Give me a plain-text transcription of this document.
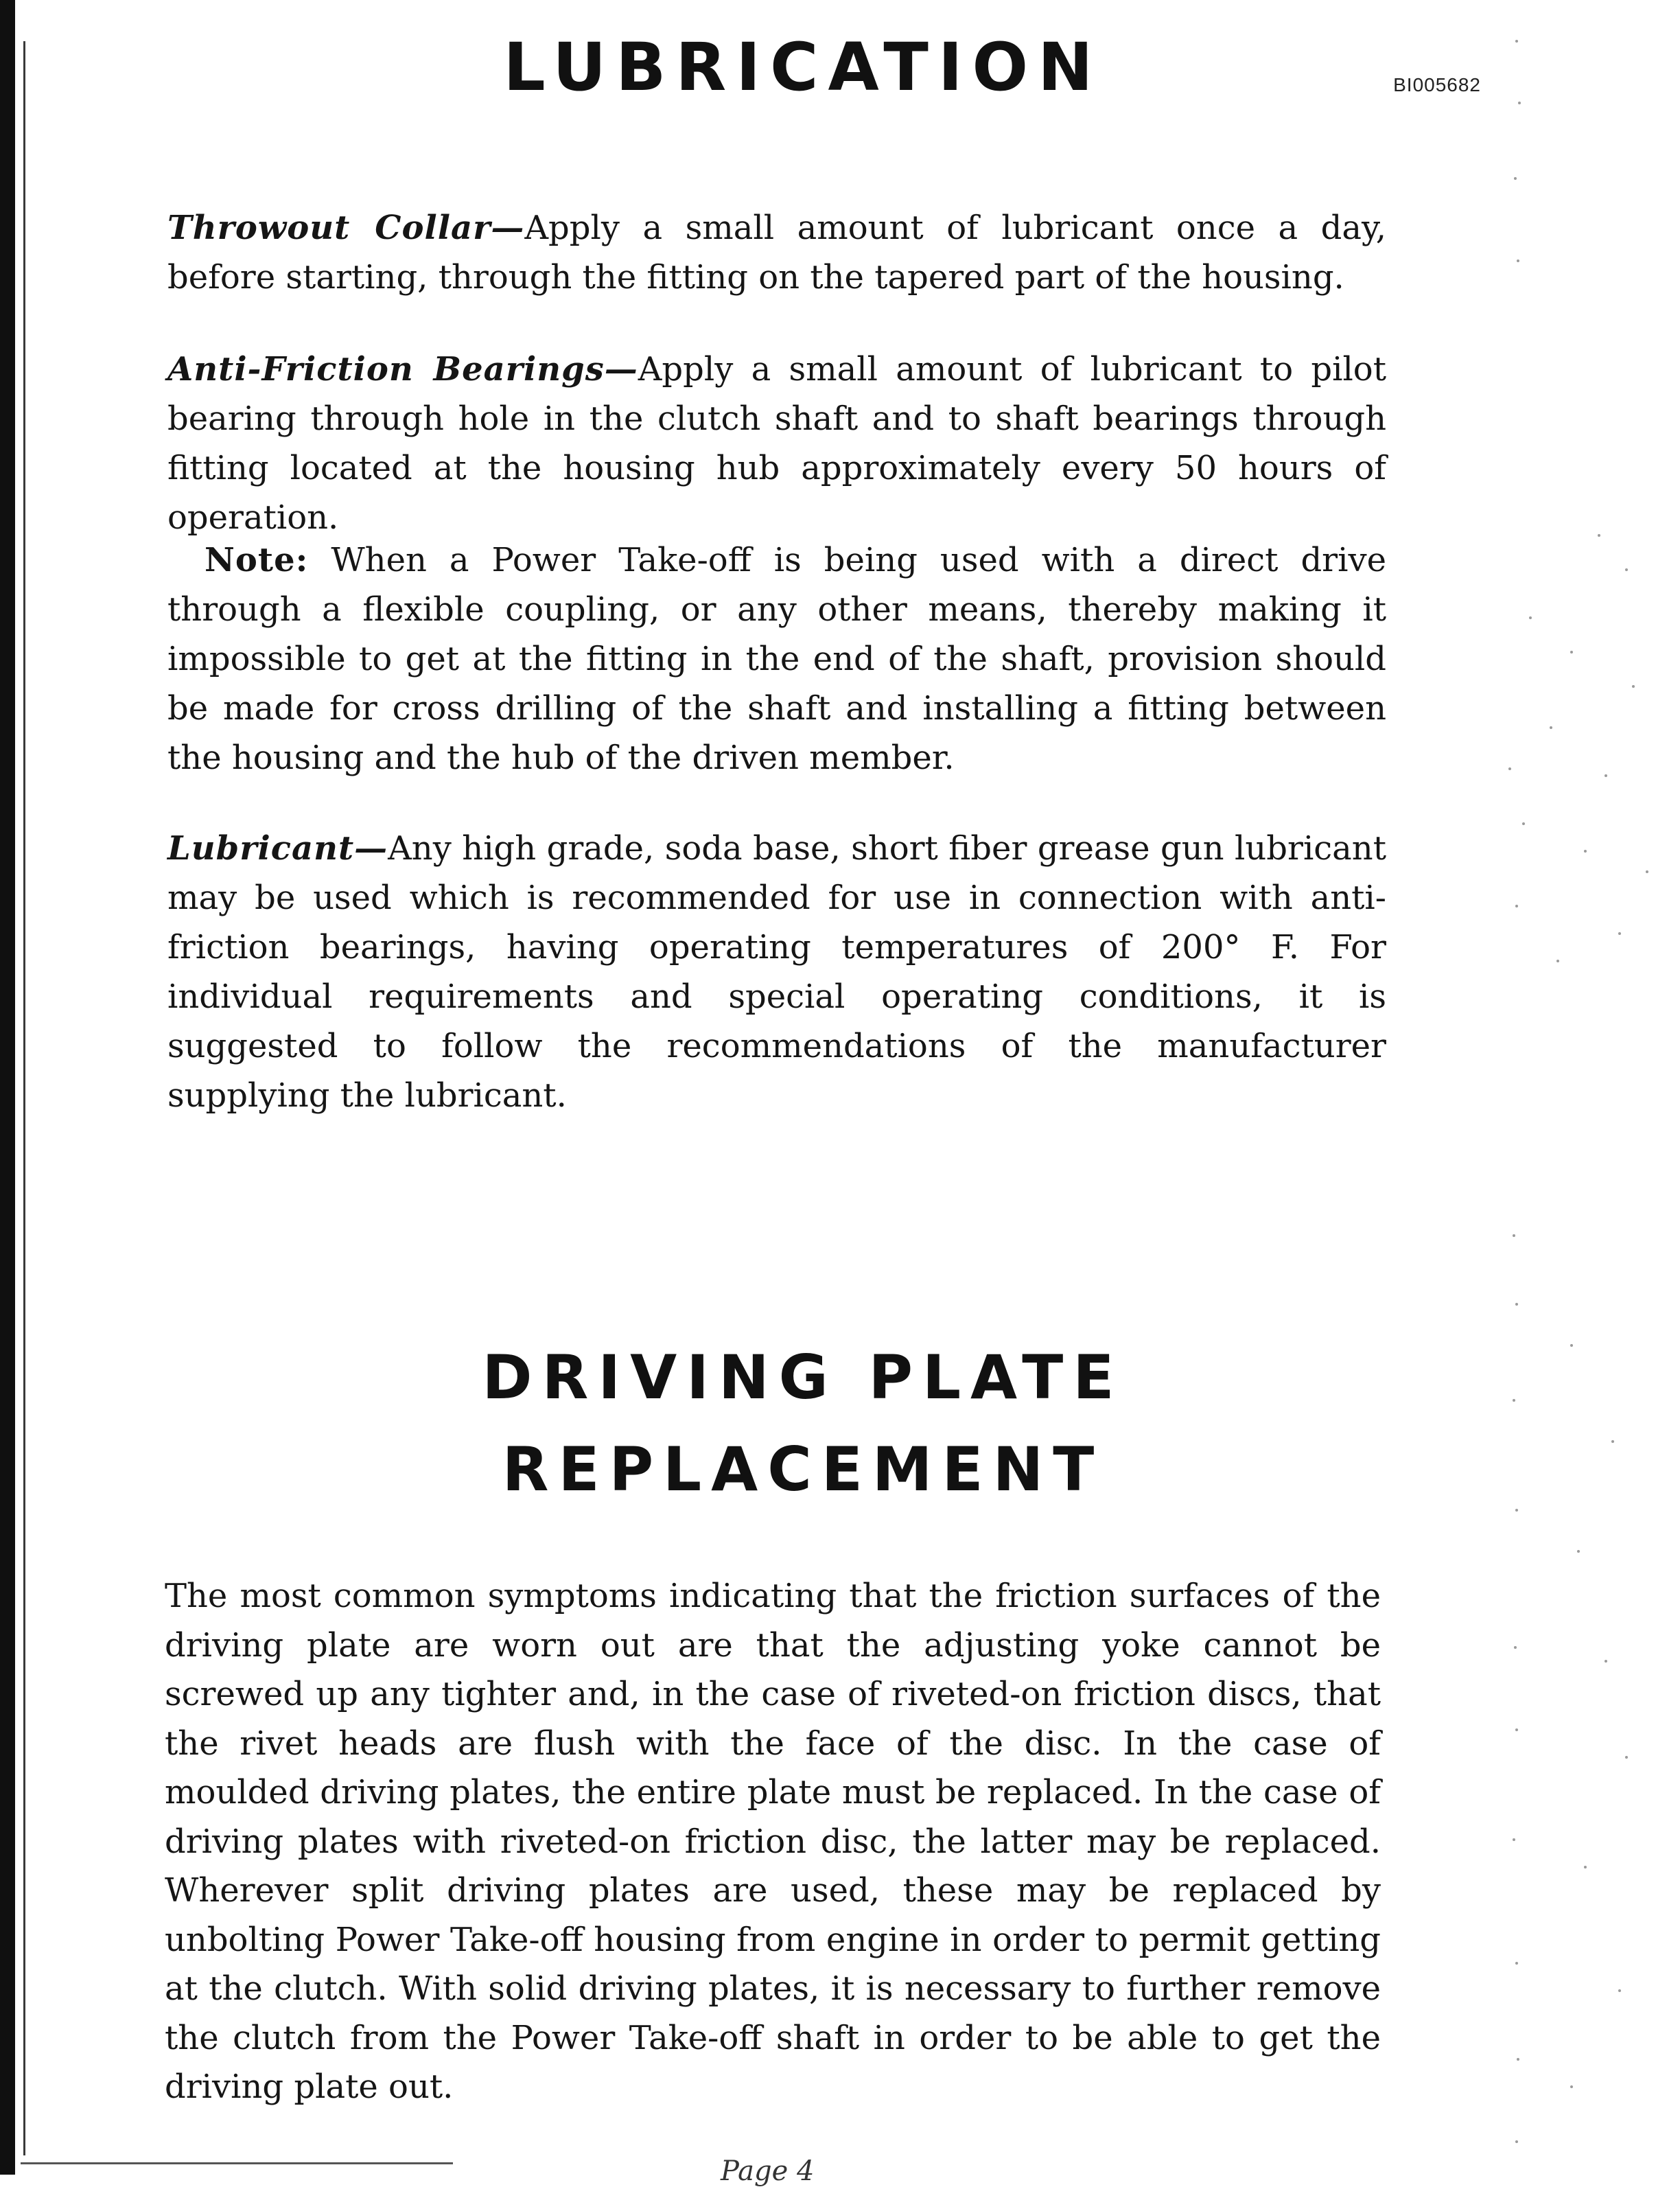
BI005682
LUBRICATION

Throwout Collar—Apply a small amount of lubricant once a day, before starting, through the fitting on the tapered part of the housing.

Anti-Friction Bearings—Apply a small amount of lubricant to pilot bearing through hole in the clutch shaft and to shaft bearings through fitting located at the housing hub approximately every 50 hours of operation.

Note: When a Power Take-off is being used with a direct drive through a flexible coupling, or any other means, thereby making it impossible to get at the fitting in the end of the shaft, provision should be made for cross drilling of the shaft and installing a fitting between the housing and the hub of the driven member.

Lubricant—Any high grade, soda base, short fiber grease gun lubricant may be used which is recommended for use in connection with anti-friction bearings, having operating temperatures of 200° F. For individual requirements and special operating conditions, it is suggested to follow the recommendations of the manufacturer supplying the lubricant.

DRIVING PLATE
REPLACEMENT

The most common symptoms indicating that the friction surfaces of the driving plate are worn out are that the adjusting yoke cannot be screwed up any tighter and, in the case of riveted-on friction discs, that the rivet heads are flush with the face of the disc. In the case of moulded driving plates, the entire plate must be replaced. In the case of driving plates with riveted-on friction disc, the latter may be replaced. Wherever split driving plates are used, these may be replaced by unbolting Power Take-off housing from engine in order to permit getting at the clutch. With solid driving plates, it is necessary to further remove the clutch from the Power Take-off shaft in order to be able to get the driving plate out.

Page 4
